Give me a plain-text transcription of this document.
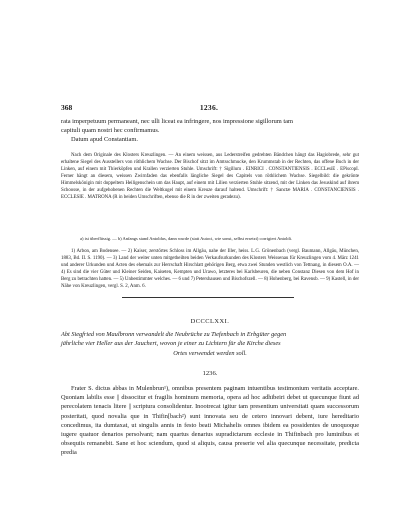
368	1236.

rata imperpetuum permaneant, nec ulli liceat ea infringere, nos impressione sigillorum tam

capituli quam nostri hec confirmamus.

Datum apud Constantiam.

Nach dem Originale des Klosters Kreuzlingen. — An einem weissen, aus Lederstreifen gedrehten Bändchen hängt das Hagiobrede, sehr gut erhaltene Siegel des Ausstellers von röthlichem Wachse. Der Bischof sitzt im Amtsschmucke, den Krummstab in der Rechten, das offene Buch in der Linken, auf einem mit Thierköpfen und Krallen verzierten Stuhle. Umschrift: † Sigillum . EINRICI . CONSTANTIENSIS . ECCLesiE . EPiscopI. Ferner hängt an diesem, weissen Zwirnfaden das ebenfalls längliche Siegel des Capitels von röthlichem Wachse. Siegelbild: die gekrönte Himmelskönigin mit doppeltem Heiligenschein um das Haupt, auf einem mit Lilien verzierten Stuhle sitzend, mit der Linken das Jesuskind auf ihrem Schoosse, in der aufgehobenen Rechten die Weltkugel mit einem Kreuze darauf haltend. Umschrift: † Sanctæ MARIA . CONSTANCIENSIS . ECCLESIE . MATRONA (R in beiden Umschriften, ebenso die R in der zweiten geradezu).

a) ist überflüssig. — b) Anfangs stand Antoldus, dann wurde (statt Autoci, wie sonst, selbst ersetzt) corrigiert Antoldi.

1) Arbon, am Bodensee. — 2) Kaiser, zerstörtes Schloss im Allgäu, nahe der Iller, heiss. L.G. Grönenbach (vergl. Baumann, Allgäu, München, 1883, Bd. II. S. 1190). — 3) Land der weiter unten mitgetheilten beiden Verkaufsurkunden des Klosters Weissenau für Kreuzlingen vom 4. März 1241 und anderer Urkunden und Acten des ehemals zur Herrschaft Hirschlatt gehörigen Berg, etwa zwei Stunden westlich von Tettnang, in diesem O.A. — 4) Es sind die vier Güter und Kleiner Seiden, Kaiseten, Kempten und Urawo, letzteres bei Karlsbeuren, die neben Constanz Diesen von dem Hof in Berg zu betrachten hatten. — 5) Unbestimmter welches. — 6 und 7) Petershausen und Bischofszell. — 8) Hohenberg, bei Ravensb. — 9) Kastell, in der Nähe von Kreuzlingen, vergl. S. 2, Anm. 6.

DCCCLXXI.

Abt Siegfried von Maulbronn verwandelt die Neubrüche zu Tiefenbach in Erbgüter gegen

jährliche vier Heller aus der Jauchert, wovon je einer zu Lichtern für die Kirche dieses

Ortes verwendet werden soll.

1236.

Frater S. dictus abbas in Mulenbrun¹), omnibus presentem paginam intuentibus testimonium veritatis acceptare. Quoniam labilis esse || dissocitur et fragilis hominum memoria, opera ad hoc adhibeiri debet ut quecunque fiunt ad perecolatem tenacis litere || scriptura consolidentur. Inootrecat igitur tam presentium universitati quam successorum posteritati, quod novalia que in Thifin[bach²) sunt innovata seu de cetero innovari debent, iure hereditario concedimus, ita dumtaxat, ut singulis annis in festo beati Michahelis omnes ibidem ea possidentes de unoquoque iugere quatuor denarios persolvant; nam quartus denarius supradictarum ecclesie in Thifinbach pro luminibus et obsequiis remanebit. Sane et hoc sciendum, quod si aliquis, causa preserie vel alia quecunque necessitate, predicta predia
